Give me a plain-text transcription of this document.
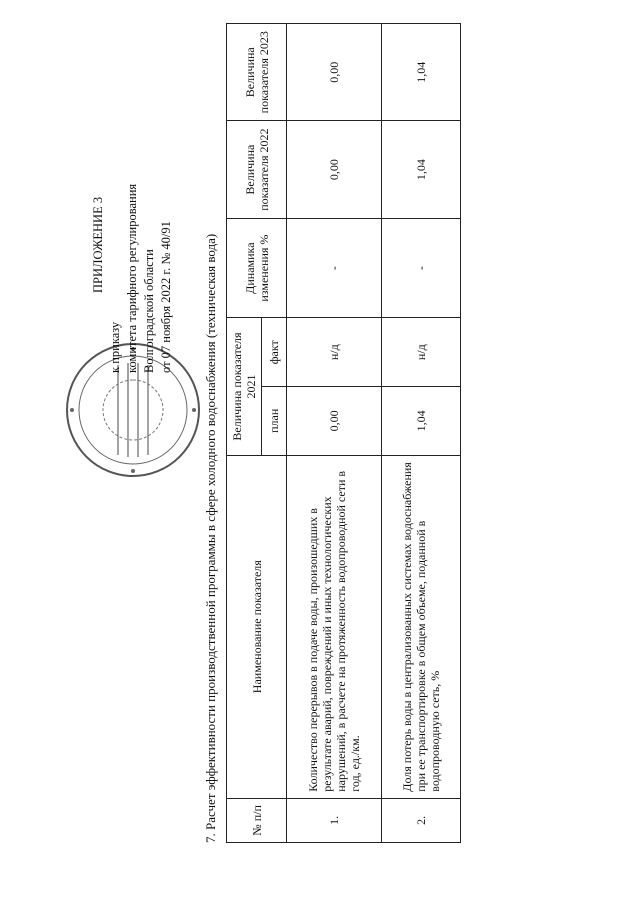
ПРИЛОЖЕНИЕ 3
к приказу комитета тарифного регулирования Волгоградской области от 07 ноября 2022 г. № 40/91 7. Расчет эффективности производственной программы в сфере холодного водоснабжения (техническая вода)	№ п/п	Наименование показателя	Величина показателя 2021		Динамика изменения %	Величина показателя 2022	Величина показателя 2023
		план	факт			
1.	Количество перерывов в подаче воды, произошедших в результате аварий, повреждений и иных технологических нарушений, в расчете на протяженность водопроводной сети в год, ед./км.	0,00	н/д	-	0,00	0,00
2.	Доля потерь воды в централизованных системах водоснабжения при ее транспортировке в общем объеме, поданной в водопроводную сеть, %	1,04	н/д	-	1,04	1,04
